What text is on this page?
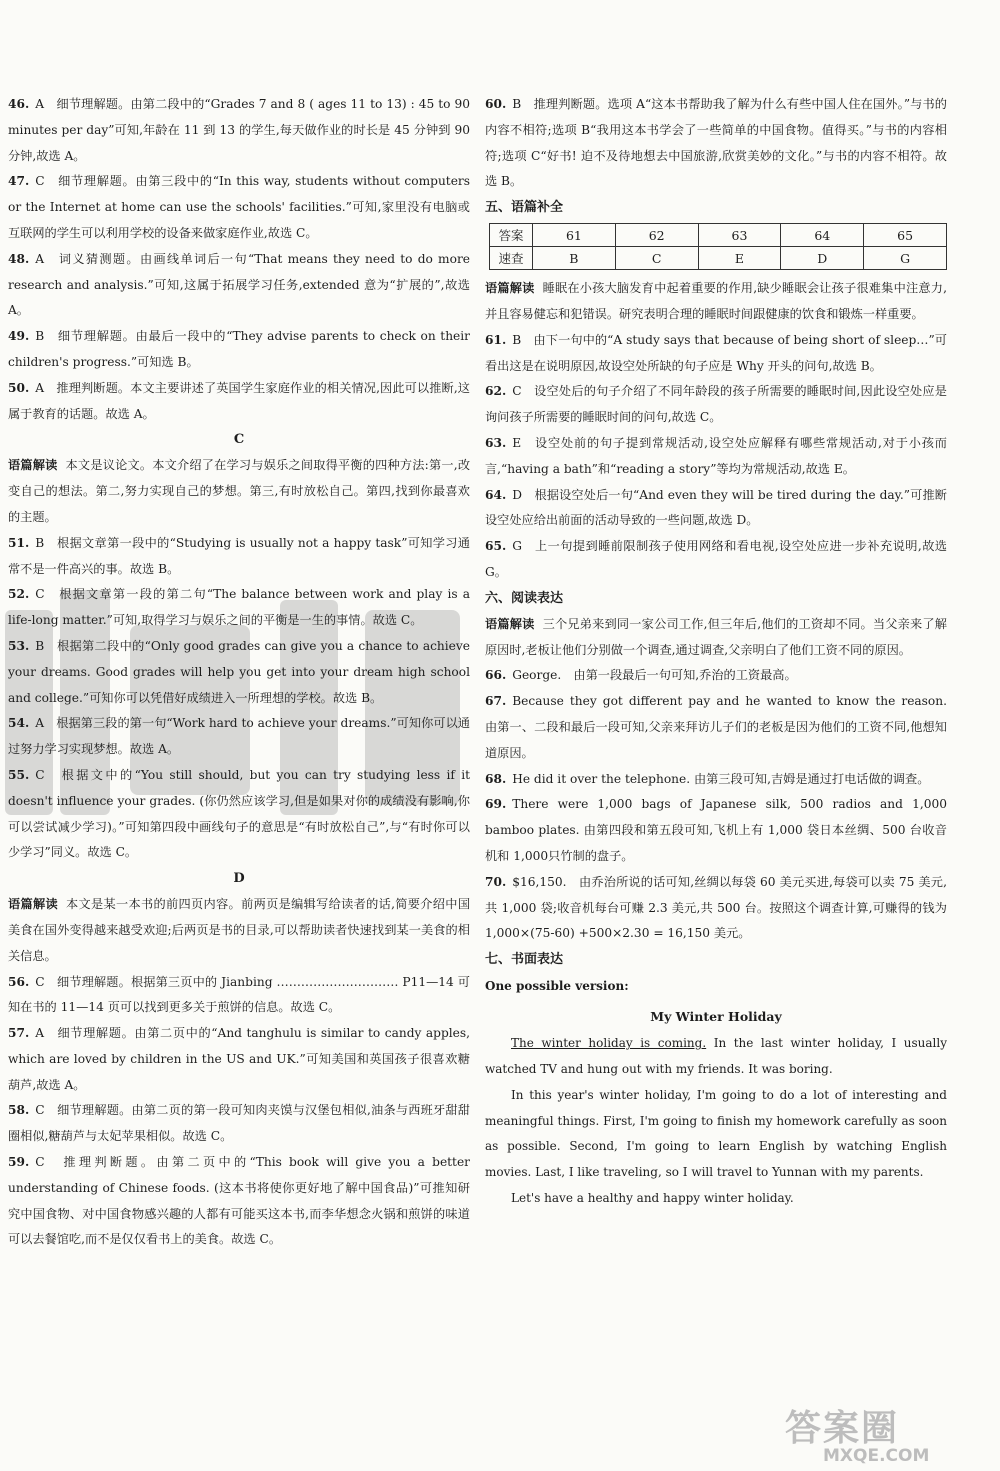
46. A　细节理解题。由第二段中的“Grades 7 and 8 ( ages 11 to 13) : 45 to 90 minutes per day”可知,年龄在 11 到 13 的学生,每天做作业的时长是 45 分钟到 90 分钟,故选 A。

47. C　细节理解题。由第三段中的“In this way, students without computers or the Internet at home can use the schools' facilities.”可知,家里没有电脑或互联网的学生可以利用学校的设备来做家庭作业,故选 C。

48. A　词义猜测题。由画线单词后一句“That means they need to do more research and analysis.”可知,这属于拓展学习任务,extended 意为“扩展的”,故选 A。

49. B　细节理解题。由最后一段中的“They advise parents to check on their children's progress.”可知选 B。

50. A　推理判断题。本文主要讲述了英国学生家庭作业的相关情况,因此可以推断,这属于教育的话题。故选 A。

C

语篇解读 本文是议论文。本文介绍了在学习与娱乐之间取得平衡的四种方法:第一,改变自己的想法。第二,努力实现自己的梦想。第三,有时放松自己。第四,找到你最喜欢的主题。

51. B　根据文章第一段中的“Studying is usually not a happy task”可知学习通常不是一件高兴的事。故选 B。

52. C　根据文章第一段的第二句“The balance between work and play is a life-long matter.”可知,取得学习与娱乐之间的平衡是一生的事情。故选 C。

53. B　根据第二段中的“Only good grades can give you a chance to achieve your dreams. Good grades will help you get into your dream high school and college.”可知你可以凭借好成绩进入一所理想的学校。故选 B。

54. A　根据第三段的第一句“Work hard to achieve your dreams.”可知你可以通过努力学习实现梦想。故选 A。

55. C　根据文中的“You still should, but you can try studying less if it doesn't influence your grades. (你仍然应该学习,但是如果对你的成绩没有影响,你可以尝试减少学习)。”可知第四段中画线句子的意思是“有时放松自己”,与“有时你可以少学习”同义。故选 C。

D

语篇解读 本文是某一本书的前四页内容。前两页是编辑写给读者的话,简要介绍中国美食在国外变得越来越受欢迎;后两页是书的目录,可以帮助读者快速找到某一美食的相关信息。

56. C　细节理解题。根据第三页中的 Jianbing ………………………… P11—14 可知在书的 11—14 页可以找到更多关于煎饼的信息。故选 C。

57. A　细节理解题。由第二页中的“And tanghulu is similar to candy apples, which are loved by children in the US and UK.”可知美国和英国孩子很喜欢糖葫芦,故选 A。

58. C　细节理解题。由第二页的第一段可知肉夹馍与汉堡包相似,油条与西班牙甜甜圈相似,糖葫芦与太妃苹果相似。故选 C。

59. C　推理判断题。由第二页中的“This book will give you a better understanding of Chinese foods. (这本书将使你更好地了解中国食品)”可推知研究中国食物、对中国食物感兴趣的人都有可能买这本书,而李华想念火锅和煎饼的味道可以去餐馆吃,而不是仅仅看书上的美食。故选 C。

60. B　推理判断题。选项 A“这本书帮助我了解为什么有些中国人住在国外。”与书的内容不相符;选项 B“我用这本书学会了一些简单的中国食物。值得买。”与书的内容相符;选项 C“好书! 迫不及待地想去中国旅游,欣赏美妙的文化。”与书的内容不相符。故选 B。

五、语篇补全

答案	61	62	63	64	65
速查	B	C	E	D	G

语篇解读 睡眠在小孩大脑发育中起着重要的作用,缺少睡眠会让孩子很难集中注意力,并且容易健忘和犯错误。研究表明合理的睡眠时间跟健康的饮食和锻炼一样重要。

61. B　由下一句中的“A study says that because of being short of sleep…”可看出这是在说明原因,故设空处所缺的句子应是 Why 开头的问句,故选 B。

62. C　设空处后的句子介绍了不同年龄段的孩子所需要的睡眠时间,因此设空处应是询问孩子所需要的睡眠时间的问句,故选 C。

63. E　设空处前的句子提到常规活动,设空处应解释有哪些常规活动,对于小孩而言,“having a bath”和“reading a story”等均为常规活动,故选 E。

64. D　根据设空处后一句“And even they will be tired during the day.”可推断设空处应给出前面的活动导致的一些问题,故选 D。

65. G　上一句提到睡前限制孩子使用网络和看电视,设空处应进一步补充说明,故选 G。

六、阅读表达

语篇解读 三个兄弟来到同一家公司工作,但三年后,他们的工资却不同。当父亲来了解原因时,老板让他们分别做一个调查,通过调查,父亲明白了他们工资不同的原因。

66. George.　由第一段最后一句可知,乔治的工资最高。

67. Because they got different pay and he wanted to know the reason.　由第一、二段和最后一段可知,父亲来拜访儿子们的老板是因为他们的工资不同,他想知道原因。

68. He did it over the telephone. 由第三段可知,吉姆是通过打电话做的调查。

69. There were 1,000 bags of Japanese silk, 500 radios and 1,000 bamboo plates. 由第四段和第五段可知,飞机上有 1,000 袋日本丝绸、500 台收音机和 1,000只竹制的盘子。

70. $16,150.　由乔治所说的话可知,丝绸以每袋 60 美元买进,每袋可以卖 75 美元,共 1,000 袋;收音机每台可赚 2.3 美元,共 500 台。按照这个调查计算,可赚得的钱为 1,000×(75-60) +500×2.30 = 16,150 美元。

七、书面表达

One possible version:

My Winter Holiday

The winter holiday is coming. In the last winter holiday, I usually watched TV and hung out with my friends. It was boring.

In this year's winter holiday, I'm going to do a lot of interesting and meaningful things. First, I'm going to finish my homework carefully as soon as possible. Second, I'm going to learn English by watching English movies. Last, I like traveling, so I will travel to Yunnan with my parents.

Let's have a healthy and happy winter holiday.

答案圈
MXQE.COM
